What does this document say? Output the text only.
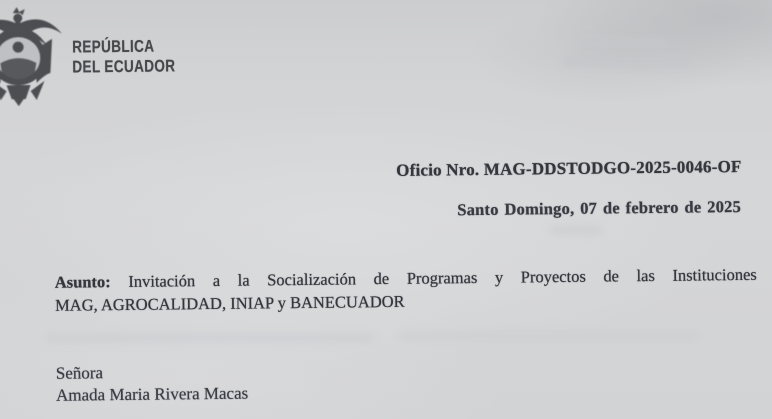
REPÚBLICA
DEL ECUADOR
Oficio Nro. MAG-DDSTODGO-2025-0046-OF
Santo Domingo, 07 de febrero de 2025
Asunto: Invitación a la Socialización de Programas y Proyectos de las Instituciones
MAG, AGROCALIDAD, INIAP y BANECUADOR
Señora
Amada Maria Rivera Macas
